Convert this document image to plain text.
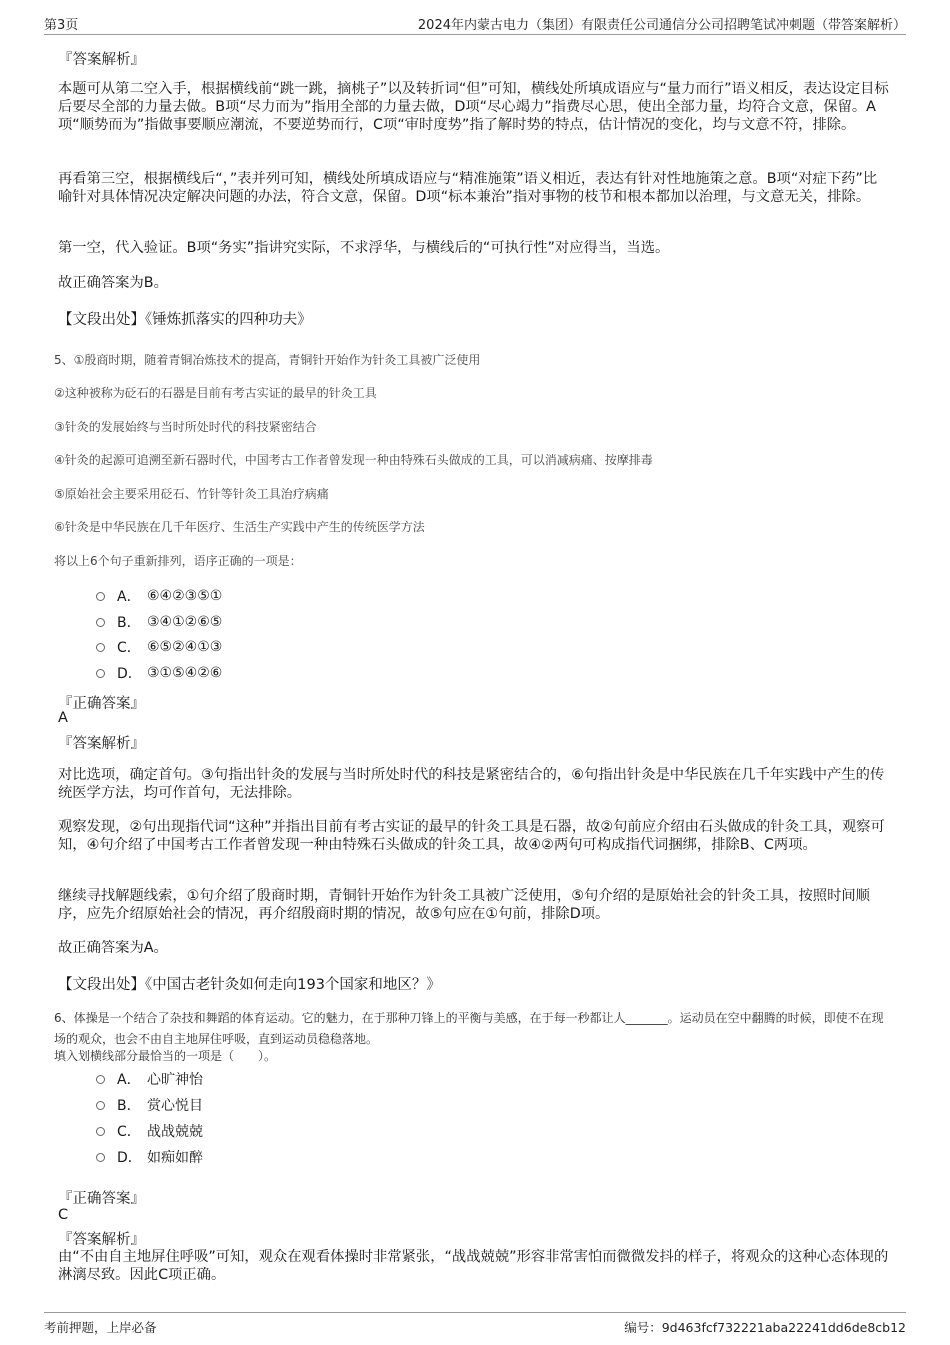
第3页	2024年内蒙古电力（集团）有限责任公司通信分公司招聘笔试冲刺题（带答案解析）
『答案解析』
本题可从第二空入手，根据横线前“跳一跳，摘桃子”以及转折词“但”可知，横线处所填成语应与“量力而行”语义相反，表达设定目标后要尽全部的力量去做。B项“尽力而为”指用全部的力量去做，D项“尽心竭力”指费尽心思，使出全部力量，均符合文意，保留。A项“顺势而为”指做事要顺应潮流，不要逆势而行，C项“审时度势”指了解时势的特点，估计情况的变化，均与文意不符，排除。
再看第三空，根据横线后“，”表并列可知，横线处所填成语应与“精准施策”语义相近，表达有针对性地施策之意。B项“对症下药”比喻针对具体情况决定解决问题的办法，符合文意，保留。D项“标本兼治”指对事物的枝节和根本都加以治理，与文意无关，排除。
第一空，代入验证。B项“务实”指讲究实际，不求浮华，与横线后的“可执行性”对应得当，当选。
故正确答案为B。
【文段出处】《锤炼抓落实的四种功夫》
5、①殷商时期，随着青铜冶炼技术的提高，青铜针开始作为针灸工具被广泛使用
②这种被称为砭石的石器是目前有考古实证的最早的针灸工具
③针灸的发展始终与当时所处时代的科技紧密结合
④针灸的起源可追溯至新石器时代，中国考古工作者曾发现一种由特殊石头做成的工具，可以消减病痛、按摩排毒
⑤原始社会主要采用砭石、竹针等针灸工具治疗病痛
⑥针灸是中华民族在几千年医疗、生活生产实践中产生的传统医学方法
将以上6个句子重新排列，语序正确的一项是：
A． ⑥④②③⑤①
B． ③④①②⑥⑤
C． ⑥⑤②④①③
D． ③①⑤④②⑥
『正确答案』
A
『答案解析』
对比选项，确定首句。③句指出针灸的发展与当时所处时代的科技是紧密结合的，⑥句指出针灸是中华民族在几千年实践中产生的传统医学方法，均可作首句，无法排除。
观察发现，②句出现指代词“这种”并指出目前有考古实证的最早的针灸工具是石器，故②句前应介绍由石头做成的针灸工具，观察可知，④句介绍了中国考古工作者曾发现一种由特殊石头做成的针灸工具，故④②两句可构成指代词捆绑，排除B、C两项。
继续寻找解题线索，①句介绍了殷商时期，青铜针开始作为针灸工具被广泛使用，⑤句介绍的是原始社会的针灸工具，按照时间顺序，应先介绍原始社会的情况，再介绍殷商时期的情况，故⑤句应在①句前，排除D项。
故正确答案为A。
【文段出处】《中国古老针灸如何走向193个国家和地区？》
6、体操是一个结合了杂技和舞蹈的体育运动。它的魅力，在于那种刀锋上的平衡与美感，在于每一秒都让人_______。运动员在空中翻腾的时候，即使不在现场的观众，也会不由自主地屏住呼吸，直到运动员稳稳落地。
填入划横线部分最恰当的一项是（　　）。
A． 心旷神怡
B． 赏心悦目
C． 战战兢兢
D． 如痴如醉
『正确答案』
C
『答案解析』
由“不由自主地屏住呼吸”可知，观众在观看体操时非常紧张，“战战兢兢”形容非常害怕而微微发抖的样子，将观众的这种心态体现的淋漓尽致。因此C项正确。
考前押题，上岸必备	编号：9d463fcf732221aba22241dd6de8cb12
